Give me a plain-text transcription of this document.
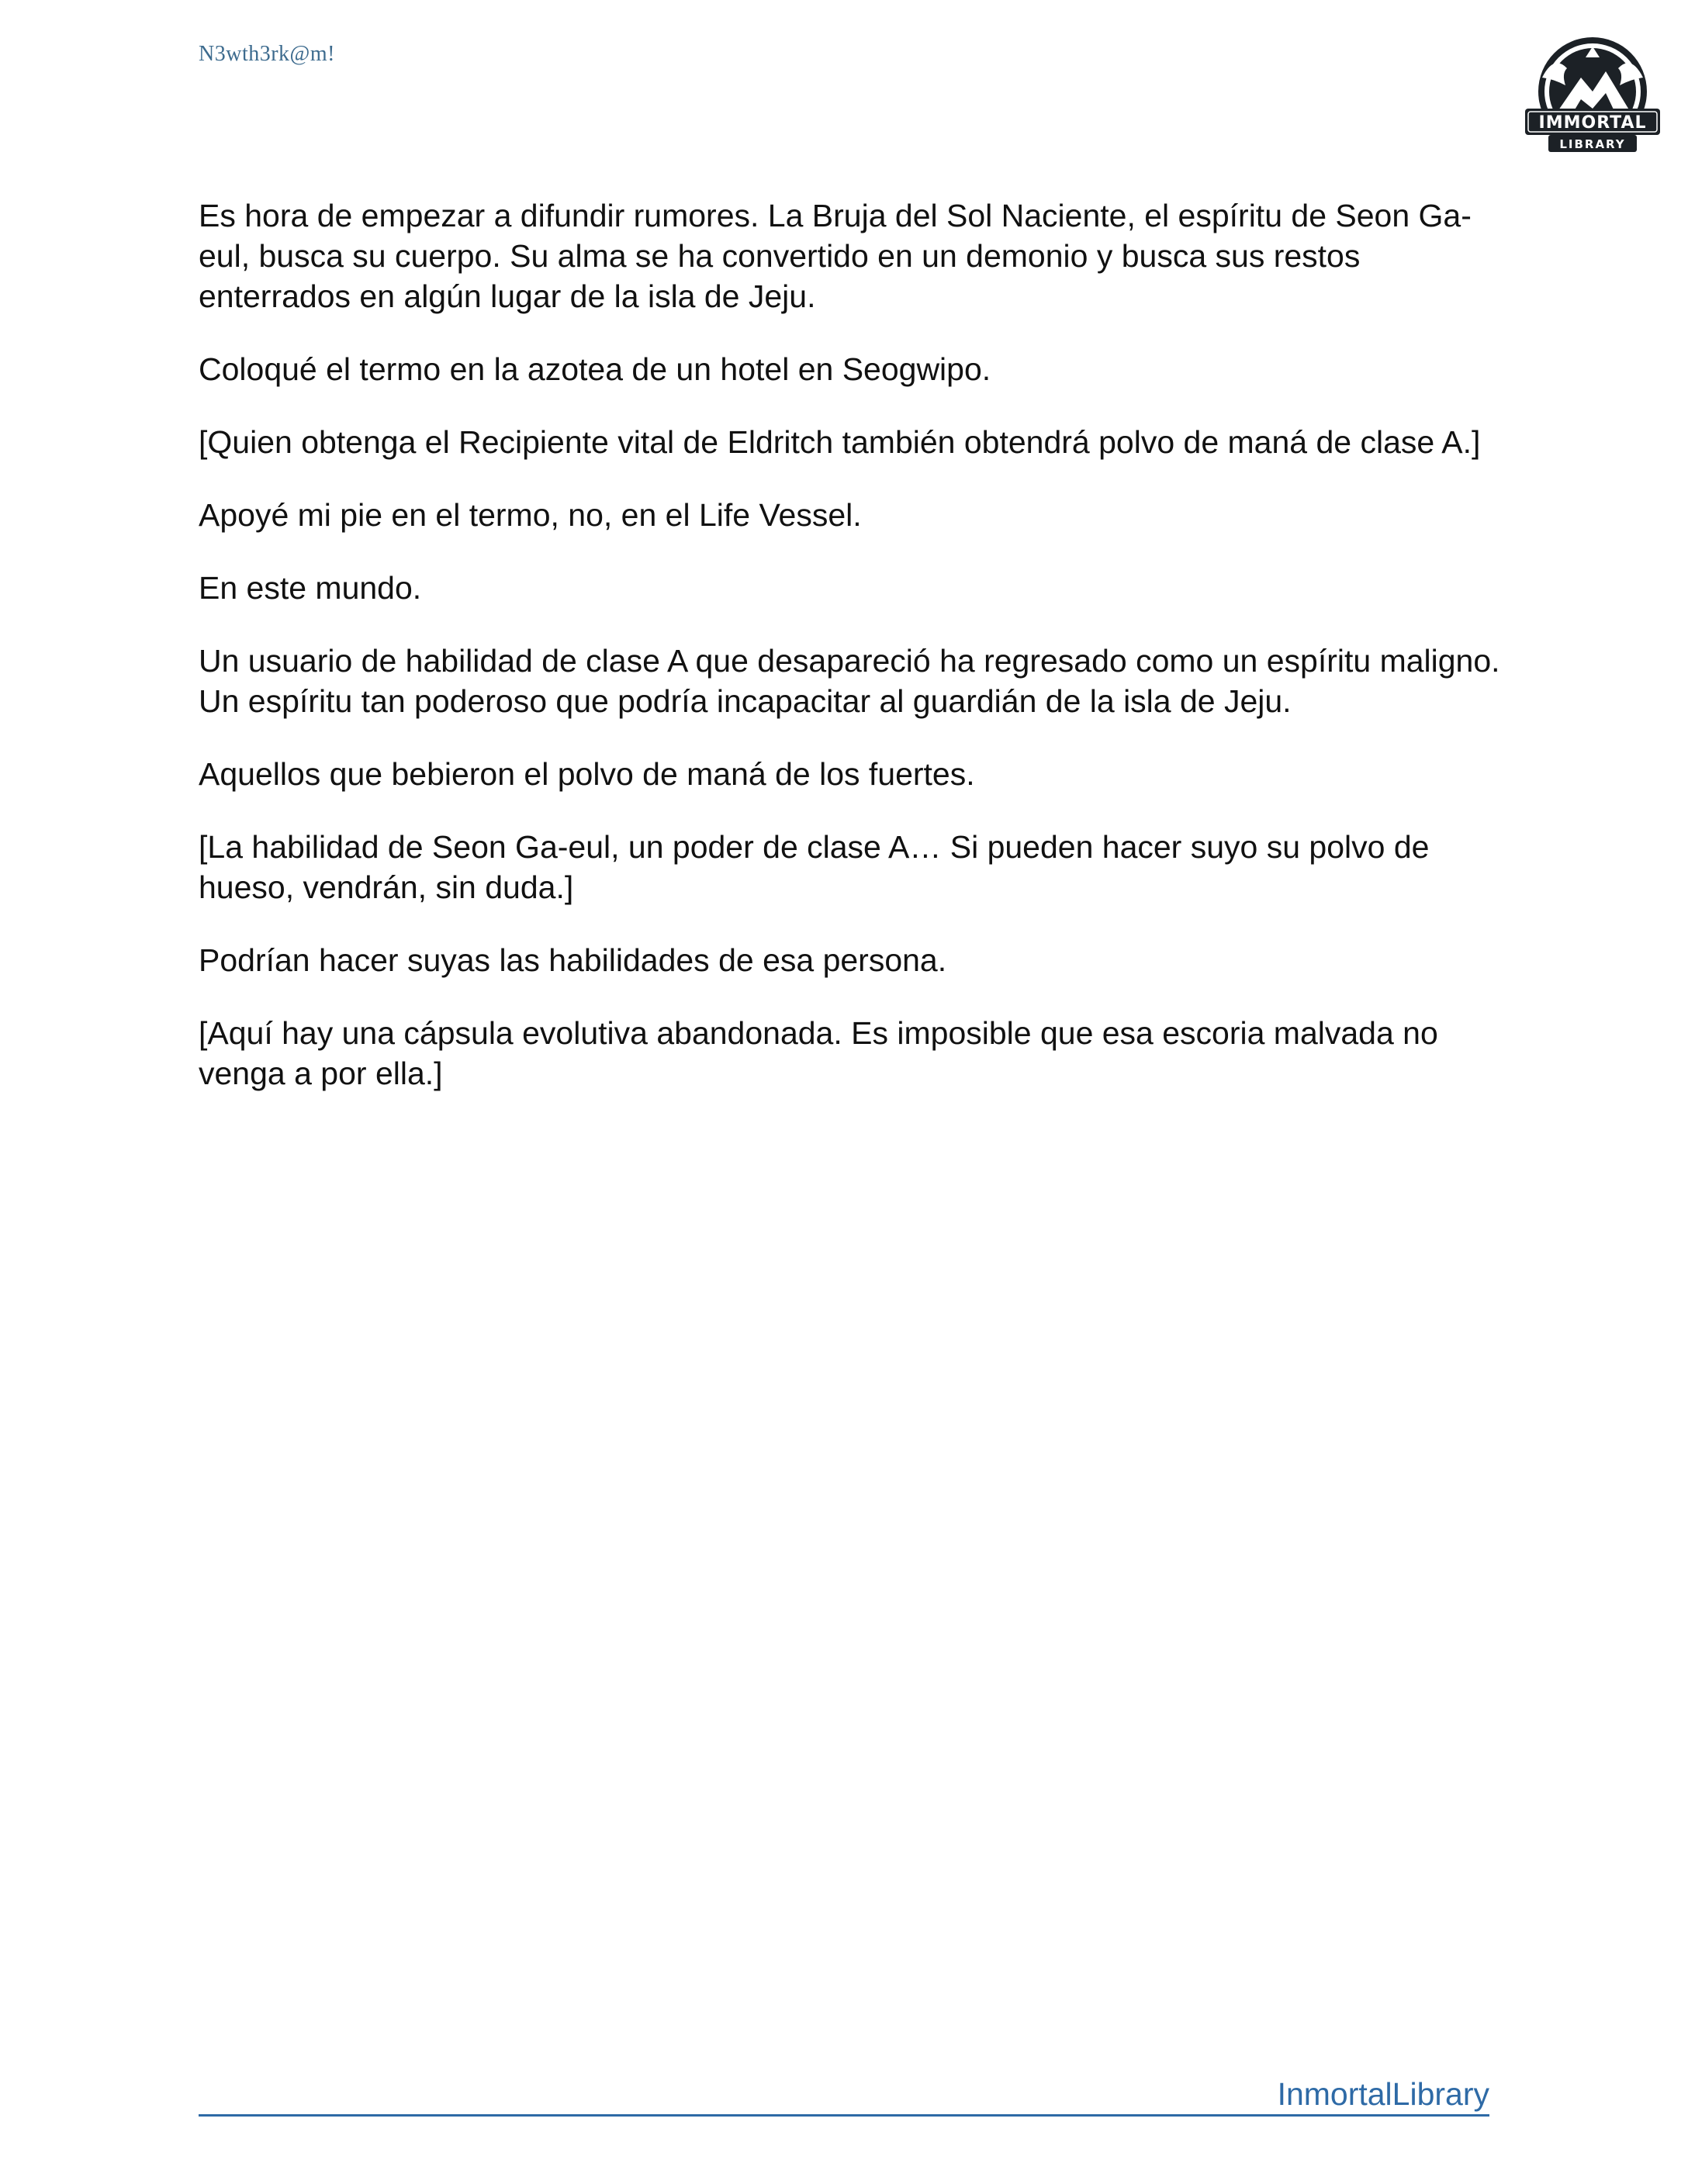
N3wth3rk@m!
IMMORTAL
LIBRARY

Es hora de empezar a difundir rumores. La Bruja del Sol Naciente, el espíritu de Seon Ga-eul, busca su cuerpo. Su alma se ha convertido en un demonio y busca sus restos enterrados en algún lugar de la isla de Jeju.

Coloqué el termo en la azotea de un hotel en Seogwipo.

[Quien obtenga el Recipiente vital de Eldritch también obtendrá polvo de maná de clase A.]

Apoyé mi pie en el termo, no, en el Life Vessel.

En este mundo.

Un usuario de habilidad de clase A que desapareció ha regresado como un espíritu maligno. Un espíritu tan poderoso que podría incapacitar al guardián de la isla de Jeju.

Aquellos que bebieron el polvo de maná de los fuertes.

[La habilidad de Seon Ga-eul, un poder de clase A… Si pueden hacer suyo su polvo de hueso, vendrán, sin duda.]

Podrían hacer suyas las habilidades de esa persona.

[Aquí hay una cápsula evolutiva abandonada. Es imposible que esa escoria malvada no venga a por ella.]

InmortalLibrary
